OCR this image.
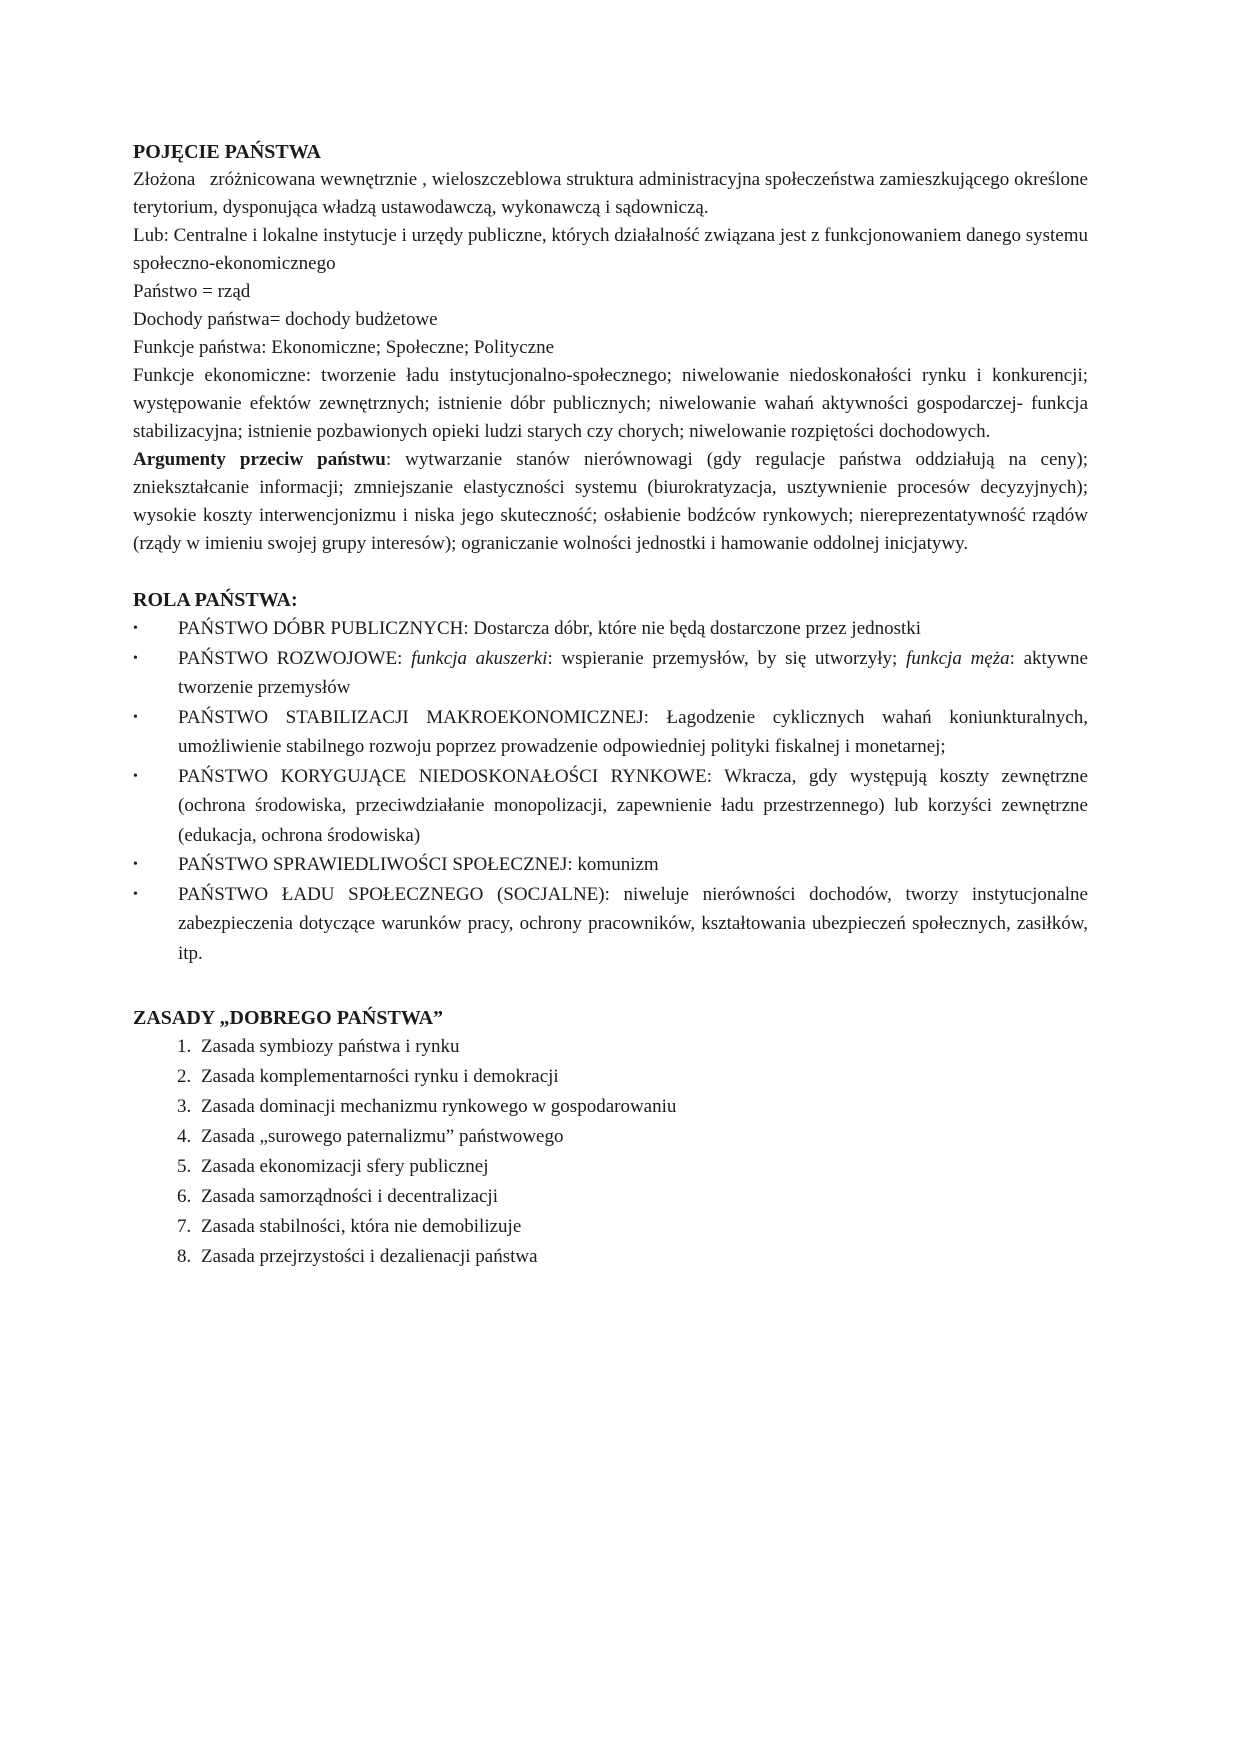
POJĘCIE PAŃSTWA

Złożona   zróżnicowana wewnętrznie , wieloszczeblowa struktura administracyjna społeczeństwa zamieszkującego określone terytorium, dysponująca władzą ustawodawczą, wykonawczą i sądowniczą.

Lub: Centralne i lokalne instytucje i urzędy publiczne, których działalność związana jest z funkcjonowaniem danego systemu społeczno-ekonomicznego

Państwo = rząd

Dochody państwa= dochody budżetowe

Funkcje państwa: Ekonomiczne; Społeczne; Polityczne

Funkcje ekonomiczne: tworzenie ładu instytucjonalno-społecznego; niwelowanie niedoskonałości rynku i konkurencji; występowanie efektów zewnętrznych; istnienie dóbr publicznych; niwelowanie wahań aktywności gospodarczej- funkcja stabilizacyjna; istnienie pozbawionych opieki ludzi starych czy chorych; niwelowanie rozpiętości dochodowych.

Argumenty przeciw państwu: wytwarzanie stanów nierównowagi (gdy regulacje państwa oddziałują na ceny); zniekształcanie informacji; zmniejszanie elastyczności systemu (biurokratyzacja, usztywnienie procesów decyzyjnych); wysokie koszty interwencjonizmu i niska jego skuteczność; osłabienie bodźców rynkowych; niereprezentatywność rządów (rządy w imieniu swojej grupy interesów); ograniczanie wolności jednostki i hamowanie oddolnej inicjatywy.

ROLA PAŃSTWA:
•	PAŃSTWO DÓBR PUBLICZNYCH: Dostarcza dóbr, które nie będą dostarczone przez jednostki
•	PAŃSTWO ROZWOJOWE: funkcja akuszerki: wspieranie przemysłów, by się utworzyły; funkcja męża: aktywne tworzenie przemysłów
•	PAŃSTWO STABILIZACJI MAKROEKONOMICZNEJ: Łagodzenie cyklicznych wahań koniunkturalnych, umożliwienie stabilnego rozwoju poprzez prowadzenie odpowiedniej polityki fiskalnej i monetarnej;
•	PAŃSTWO KORYGUJĄCE NIEDOSKONAŁOŚCI RYNKOWE: Wkracza, gdy występują koszty zewnętrzne (ochrona środowiska, przeciwdziałanie monopolizacji, zapewnienie ładu przestrzennego) lub korzyści zewnętrzne (edukacja, ochrona środowiska)
•	PAŃSTWO SPRAWIEDLIWOŚCI SPOŁECZNEJ: komunizm
•	PAŃSTWO ŁADU SPOŁECZNEGO (SOCJALNE): niweluje nierówności dochodów, tworzy instytucjonalne zabezpieczenia dotyczące warunków pracy, ochrony pracowników, kształtowania ubezpieczeń społecznych, zasiłków, itp.
ZASADY „DOBREGO PAŃSTWA”
1. Zasada symbiozy państwa i rynku
2. Zasada komplementarności rynku i demokracji
3. Zasada dominacji mechanizmu rynkowego w gospodarowaniu
4. Zasada „surowego paternalizmu” państwowego
5. Zasada ekonomizacji sfery publicznej
6. Zasada samorządności i decentralizacji
7. Zasada stabilności, która nie demobilizuje
8. Zasada przejrzystości i dezalienacji państwa
